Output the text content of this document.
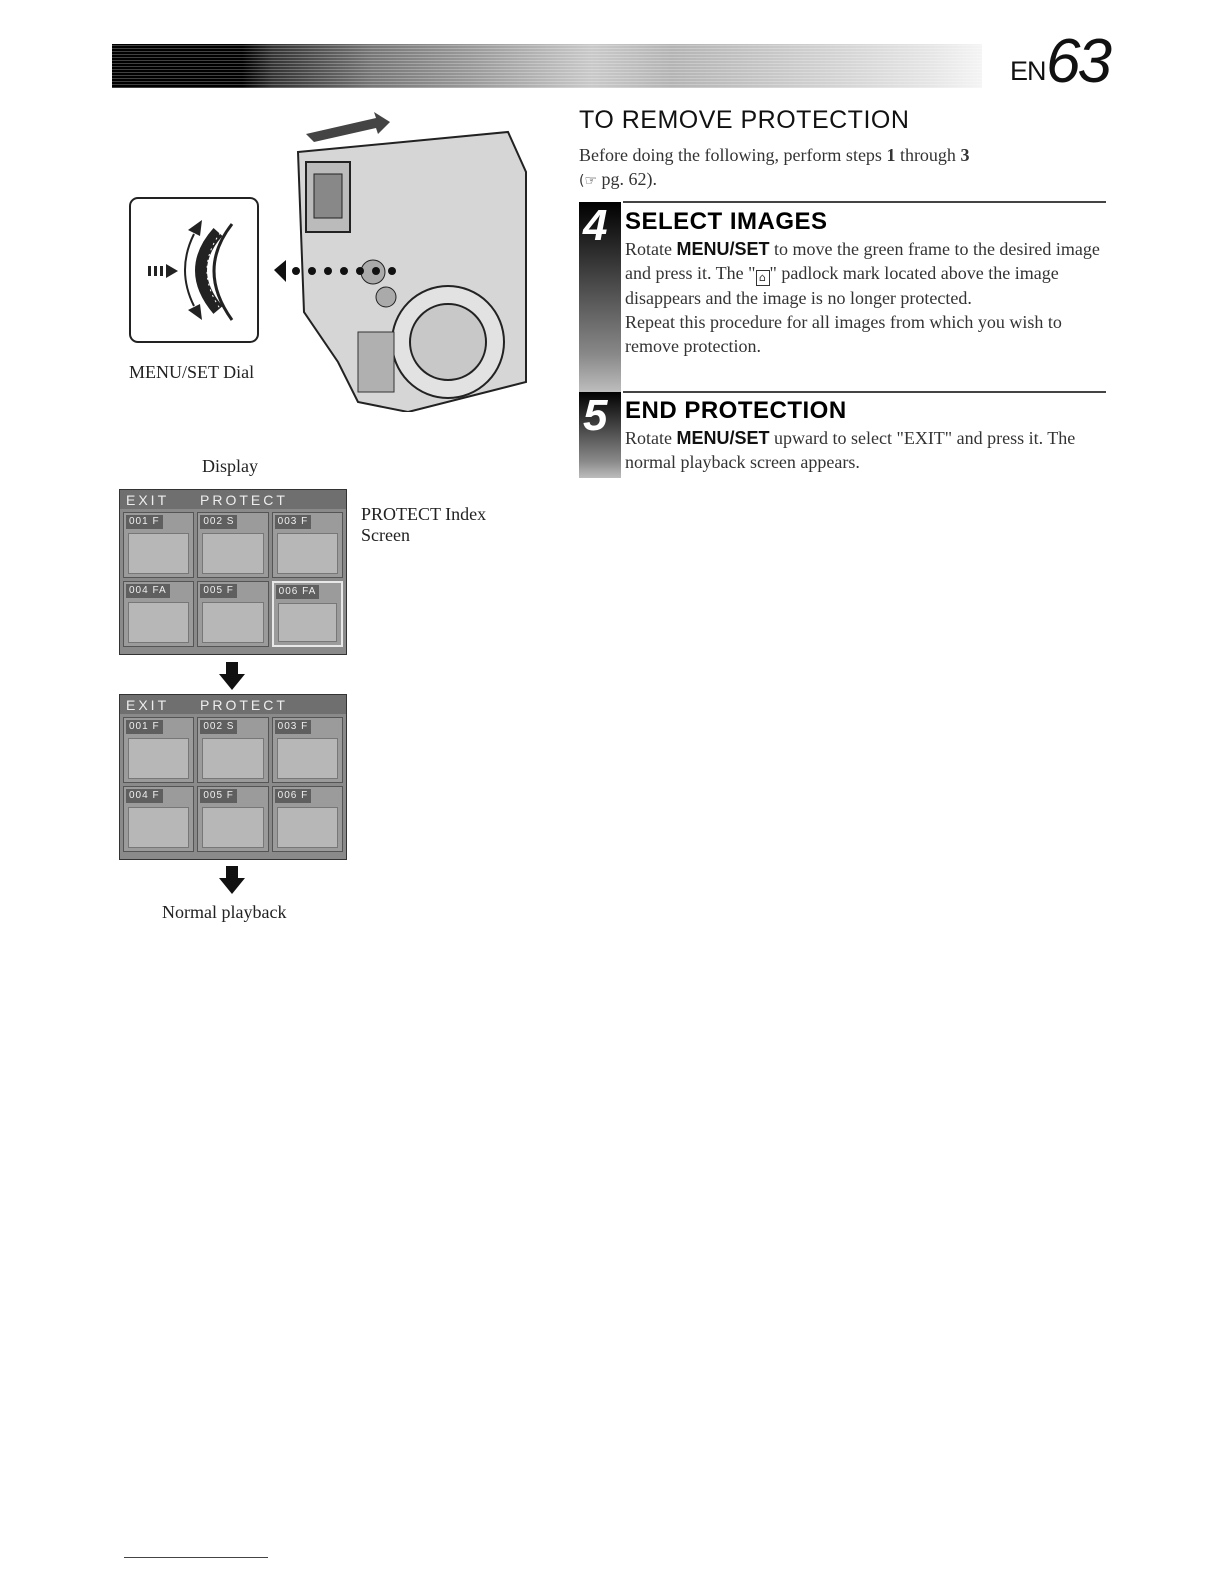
EN 63
MENU/SET Dial
Display
EXIT	PROTECT
001 F	002 S	003 F
004 FA	005 F	006 FA
PROTECT Index
Screen
EXIT	PROTECT
001 F	002 S	003 F
004 F	005 F	006 F
Normal playback
TO REMOVE PROTECTION
Before doing the following, perform steps 1 through 3
(☞ pg. 62).
4 SELECT IMAGES
Rotate MENU/SET to move the green frame to the desired image and press it. The " ⌂ " padlock mark located above the image disappears and the image is no longer protected.
Repeat this procedure for all images from which you wish to remove protection.
5 END PROTECTION
Rotate MENU/SET upward to select "EXIT" and press it. The normal playback screen appears.
